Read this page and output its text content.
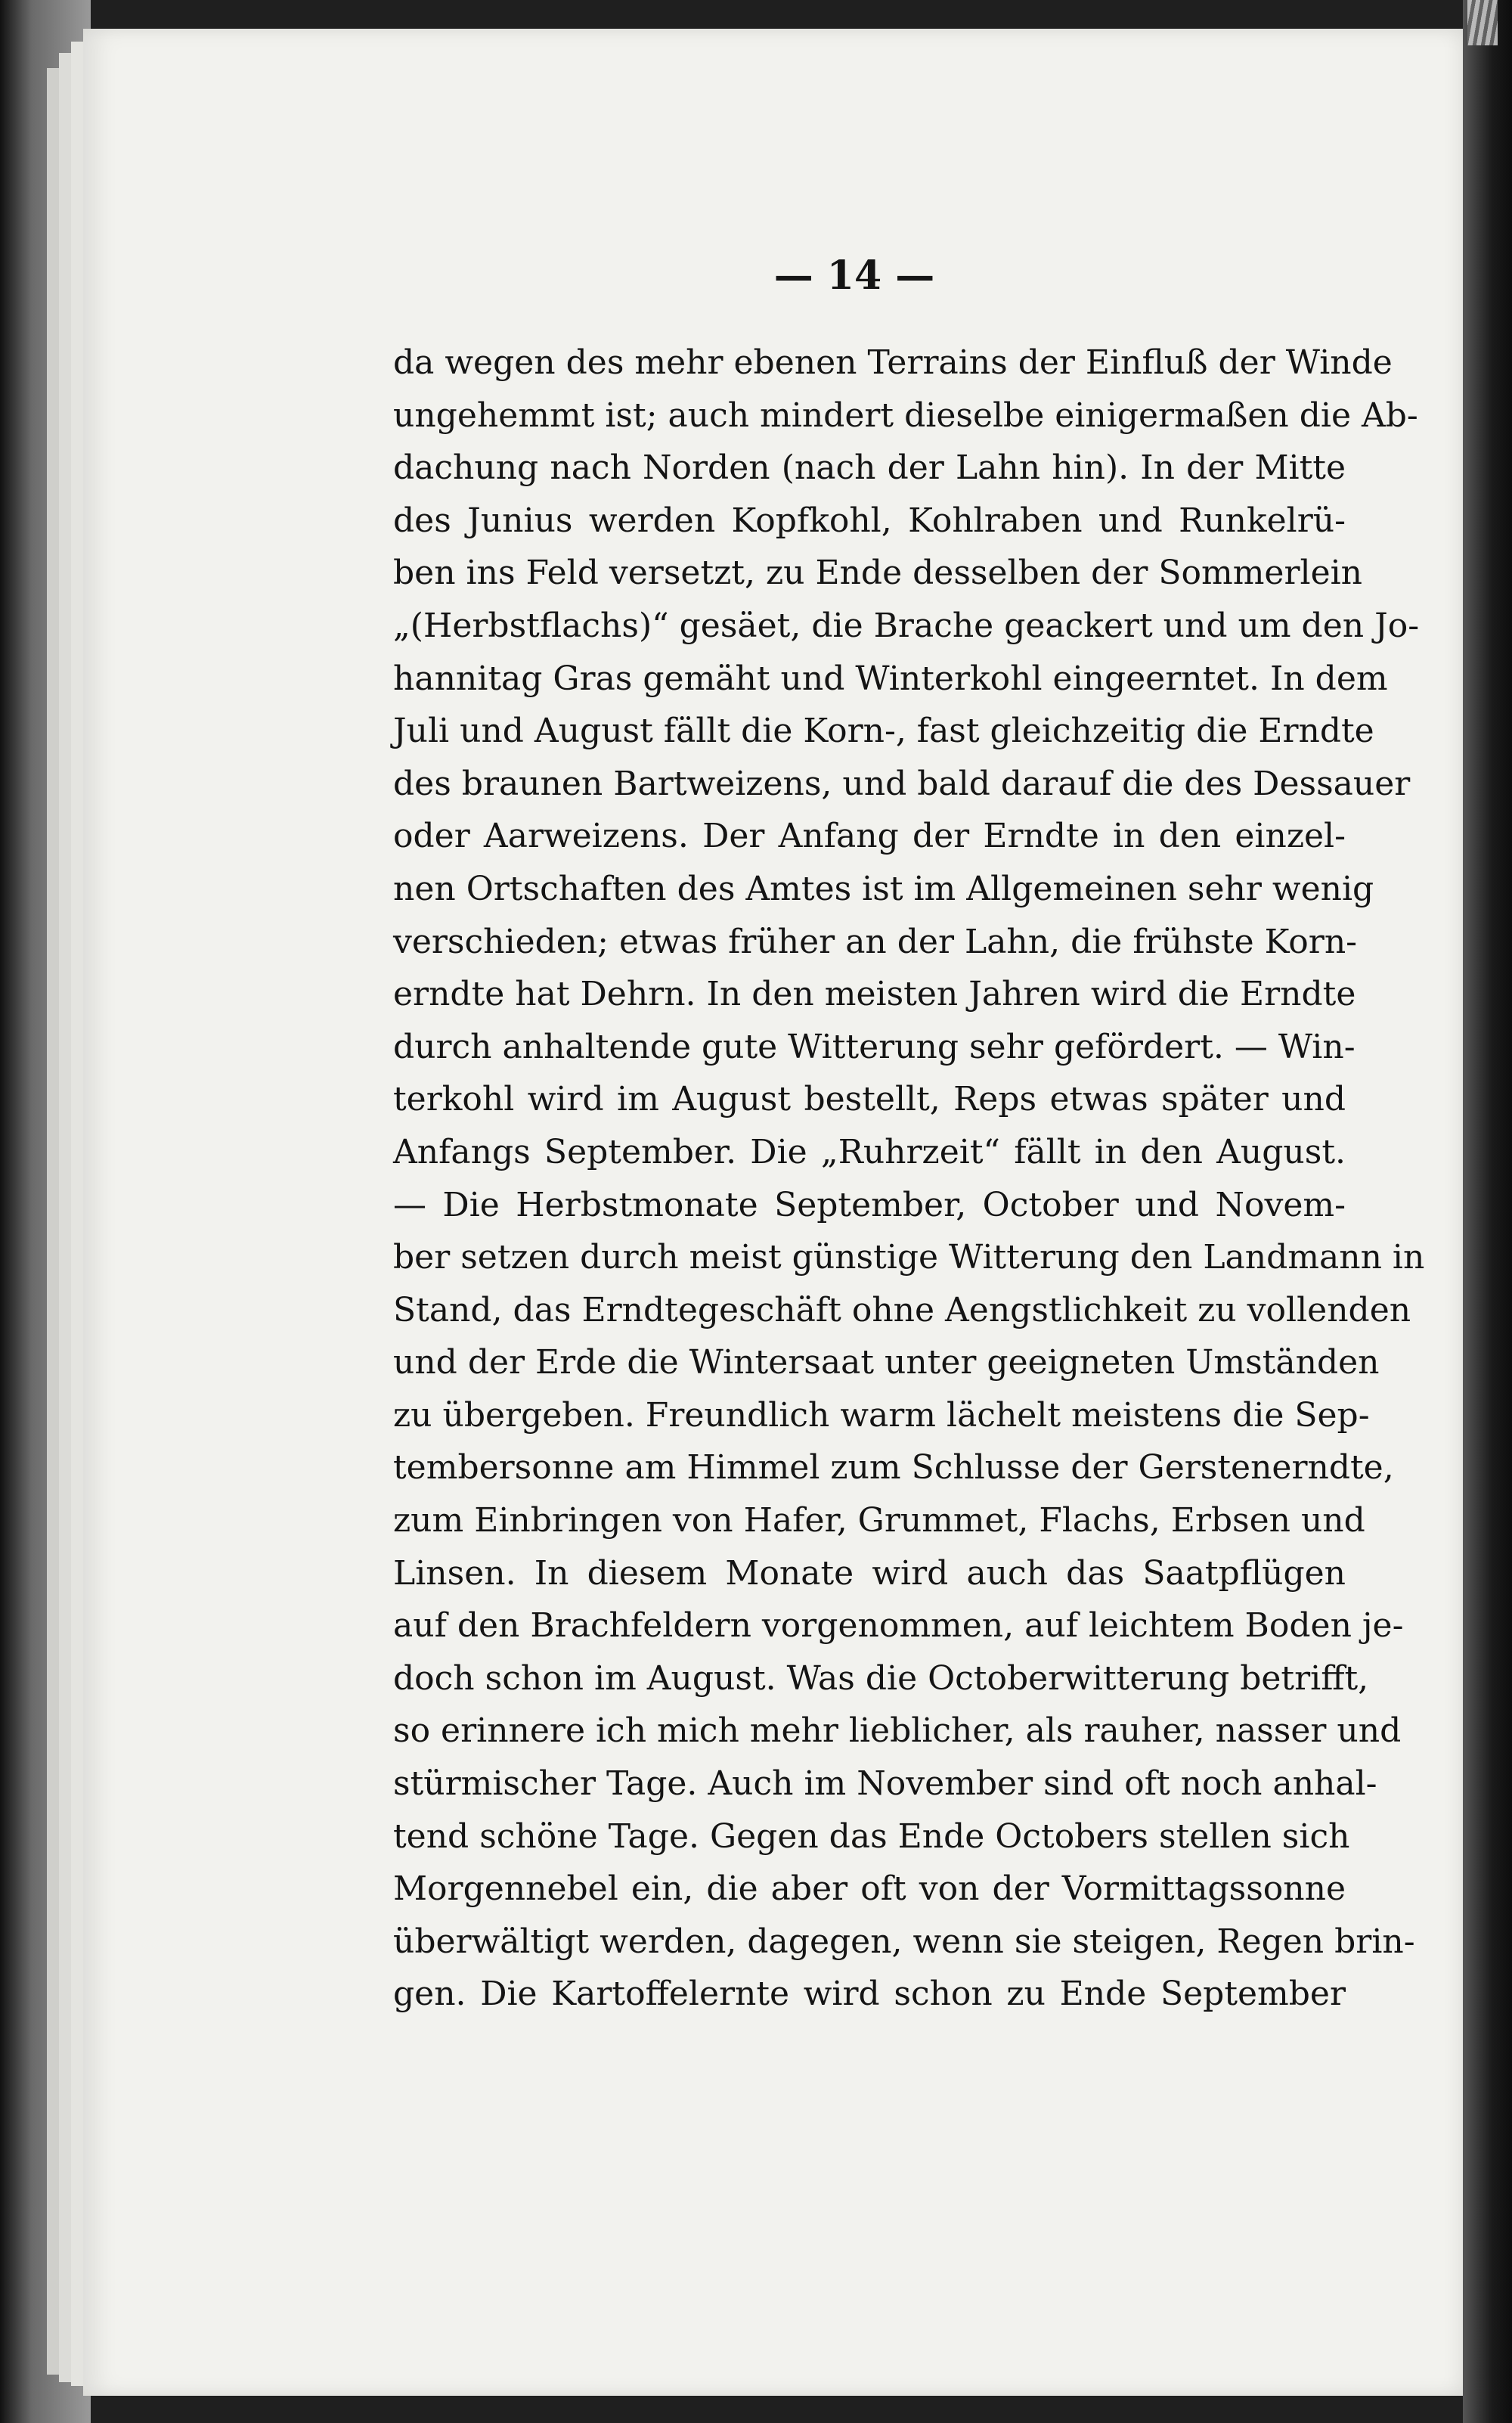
— 14 —
da wegen des mehr ebenen Terrains der Einfluß der Winde
ungehemmt ist; auch mindert dieselbe einigermaßen die Ab-
dachung nach Norden (nach der Lahn hin). In der Mitte
des Junius werden Kopfkohl, Kohlraben und Runkelrü-
ben ins Feld versetzt, zu Ende desselben der Sommerlein
„(Herbstflachs)“ gesäet, die Brache geackert und um den Jo-
hannitag Gras gemäht und Winterkohl eingeerntet. In dem
Juli und August fällt die Korn-, fast gleichzeitig die Erndte
des braunen Bartweizens, und bald darauf die des Dessauer
oder Aarweizens. Der Anfang der Erndte in den einzel-
nen Ortschaften des Amtes ist im Allgemeinen sehr wenig
verschieden; etwas früher an der Lahn, die frühste Korn-
erndte hat Dehrn. In den meisten Jahren wird die Erndte
durch anhaltende gute Witterung sehr gefördert. — Win-
terkohl wird im August bestellt, Reps etwas später und
Anfangs September. Die „Ruhrzeit“ fällt in den August.
— Die Herbstmonate September, October und Novem-
ber setzen durch meist günstige Witterung den Landmann in
Stand, das Erndtegeschäft ohne Aengstlichkeit zu vollenden
und der Erde die Wintersaat unter geeigneten Umständen
zu übergeben. Freundlich warm lächelt meistens die Sep-
tembersonne am Himmel zum Schlusse der Gerstenerndte,
zum Einbringen von Hafer, Grummet, Flachs, Erbsen und
Linsen. In diesem Monate wird auch das Saatpflügen
auf den Brachfeldern vorgenommen, auf leichtem Boden je-
doch schon im August. Was die Octoberwitterung betrifft,
so erinnere ich mich mehr lieblicher, als rauher, nasser und
stürmischer Tage. Auch im November sind oft noch anhal-
tend schöne Tage. Gegen das Ende Octobers stellen sich
Morgennebel ein, die aber oft von der Vormittagssonne
überwältigt werden, dagegen, wenn sie steigen, Regen brin-
gen. Die Kartoffelernte wird schon zu Ende September
